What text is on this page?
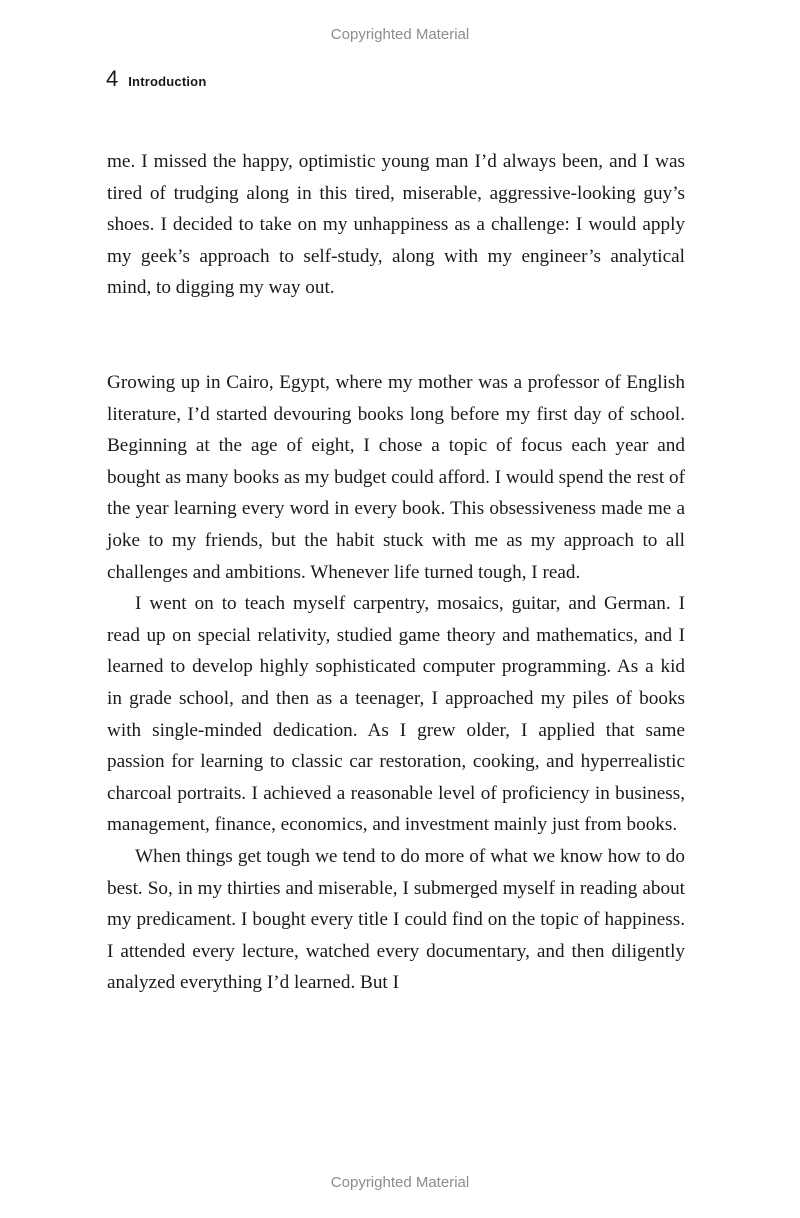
Copyrighted Material
4 Introduction

me. I missed the happy, optimistic young man I’d always been, and I was tired of trudging along in this tired, miserable, aggressive-looking guy’s shoes. I decided to take on my unhappiness as a challenge: I would apply my geek’s approach to self-study, along with my engineer’s analytical mind, to digging my way out.

Growing up in Cairo, Egypt, where my mother was a professor of English literature, I’d started devouring books long before my first day of school. Beginning at the age of eight, I chose a topic of focus each year and bought as many books as my budget could afford. I would spend the rest of the year learning every word in every book. This obsessiveness made me a joke to my friends, but the habit stuck with me as my approach to all challenges and ambitions. Whenever life turned tough, I read.

I went on to teach myself carpentry, mosaics, guitar, and German. I read up on special relativity, studied game theory and mathematics, and I learned to develop highly sophisticated computer programming. As a kid in grade school, and then as a teenager, I approached my piles of books with single-minded dedication. As I grew older, I applied that same passion for learning to classic car restoration, cooking, and hyperrealistic charcoal portraits. I achieved a reasonable level of proficiency in business, management, finance, economics, and investment mainly just from books.

When things get tough we tend to do more of what we know how to do best. So, in my thirties and miserable, I submerged myself in reading about my predicament. I bought every title I could find on the topic of happiness. I attended every lecture, watched every documentary, and then diligently analyzed everything I’d learned. But I

Copyrighted Material
